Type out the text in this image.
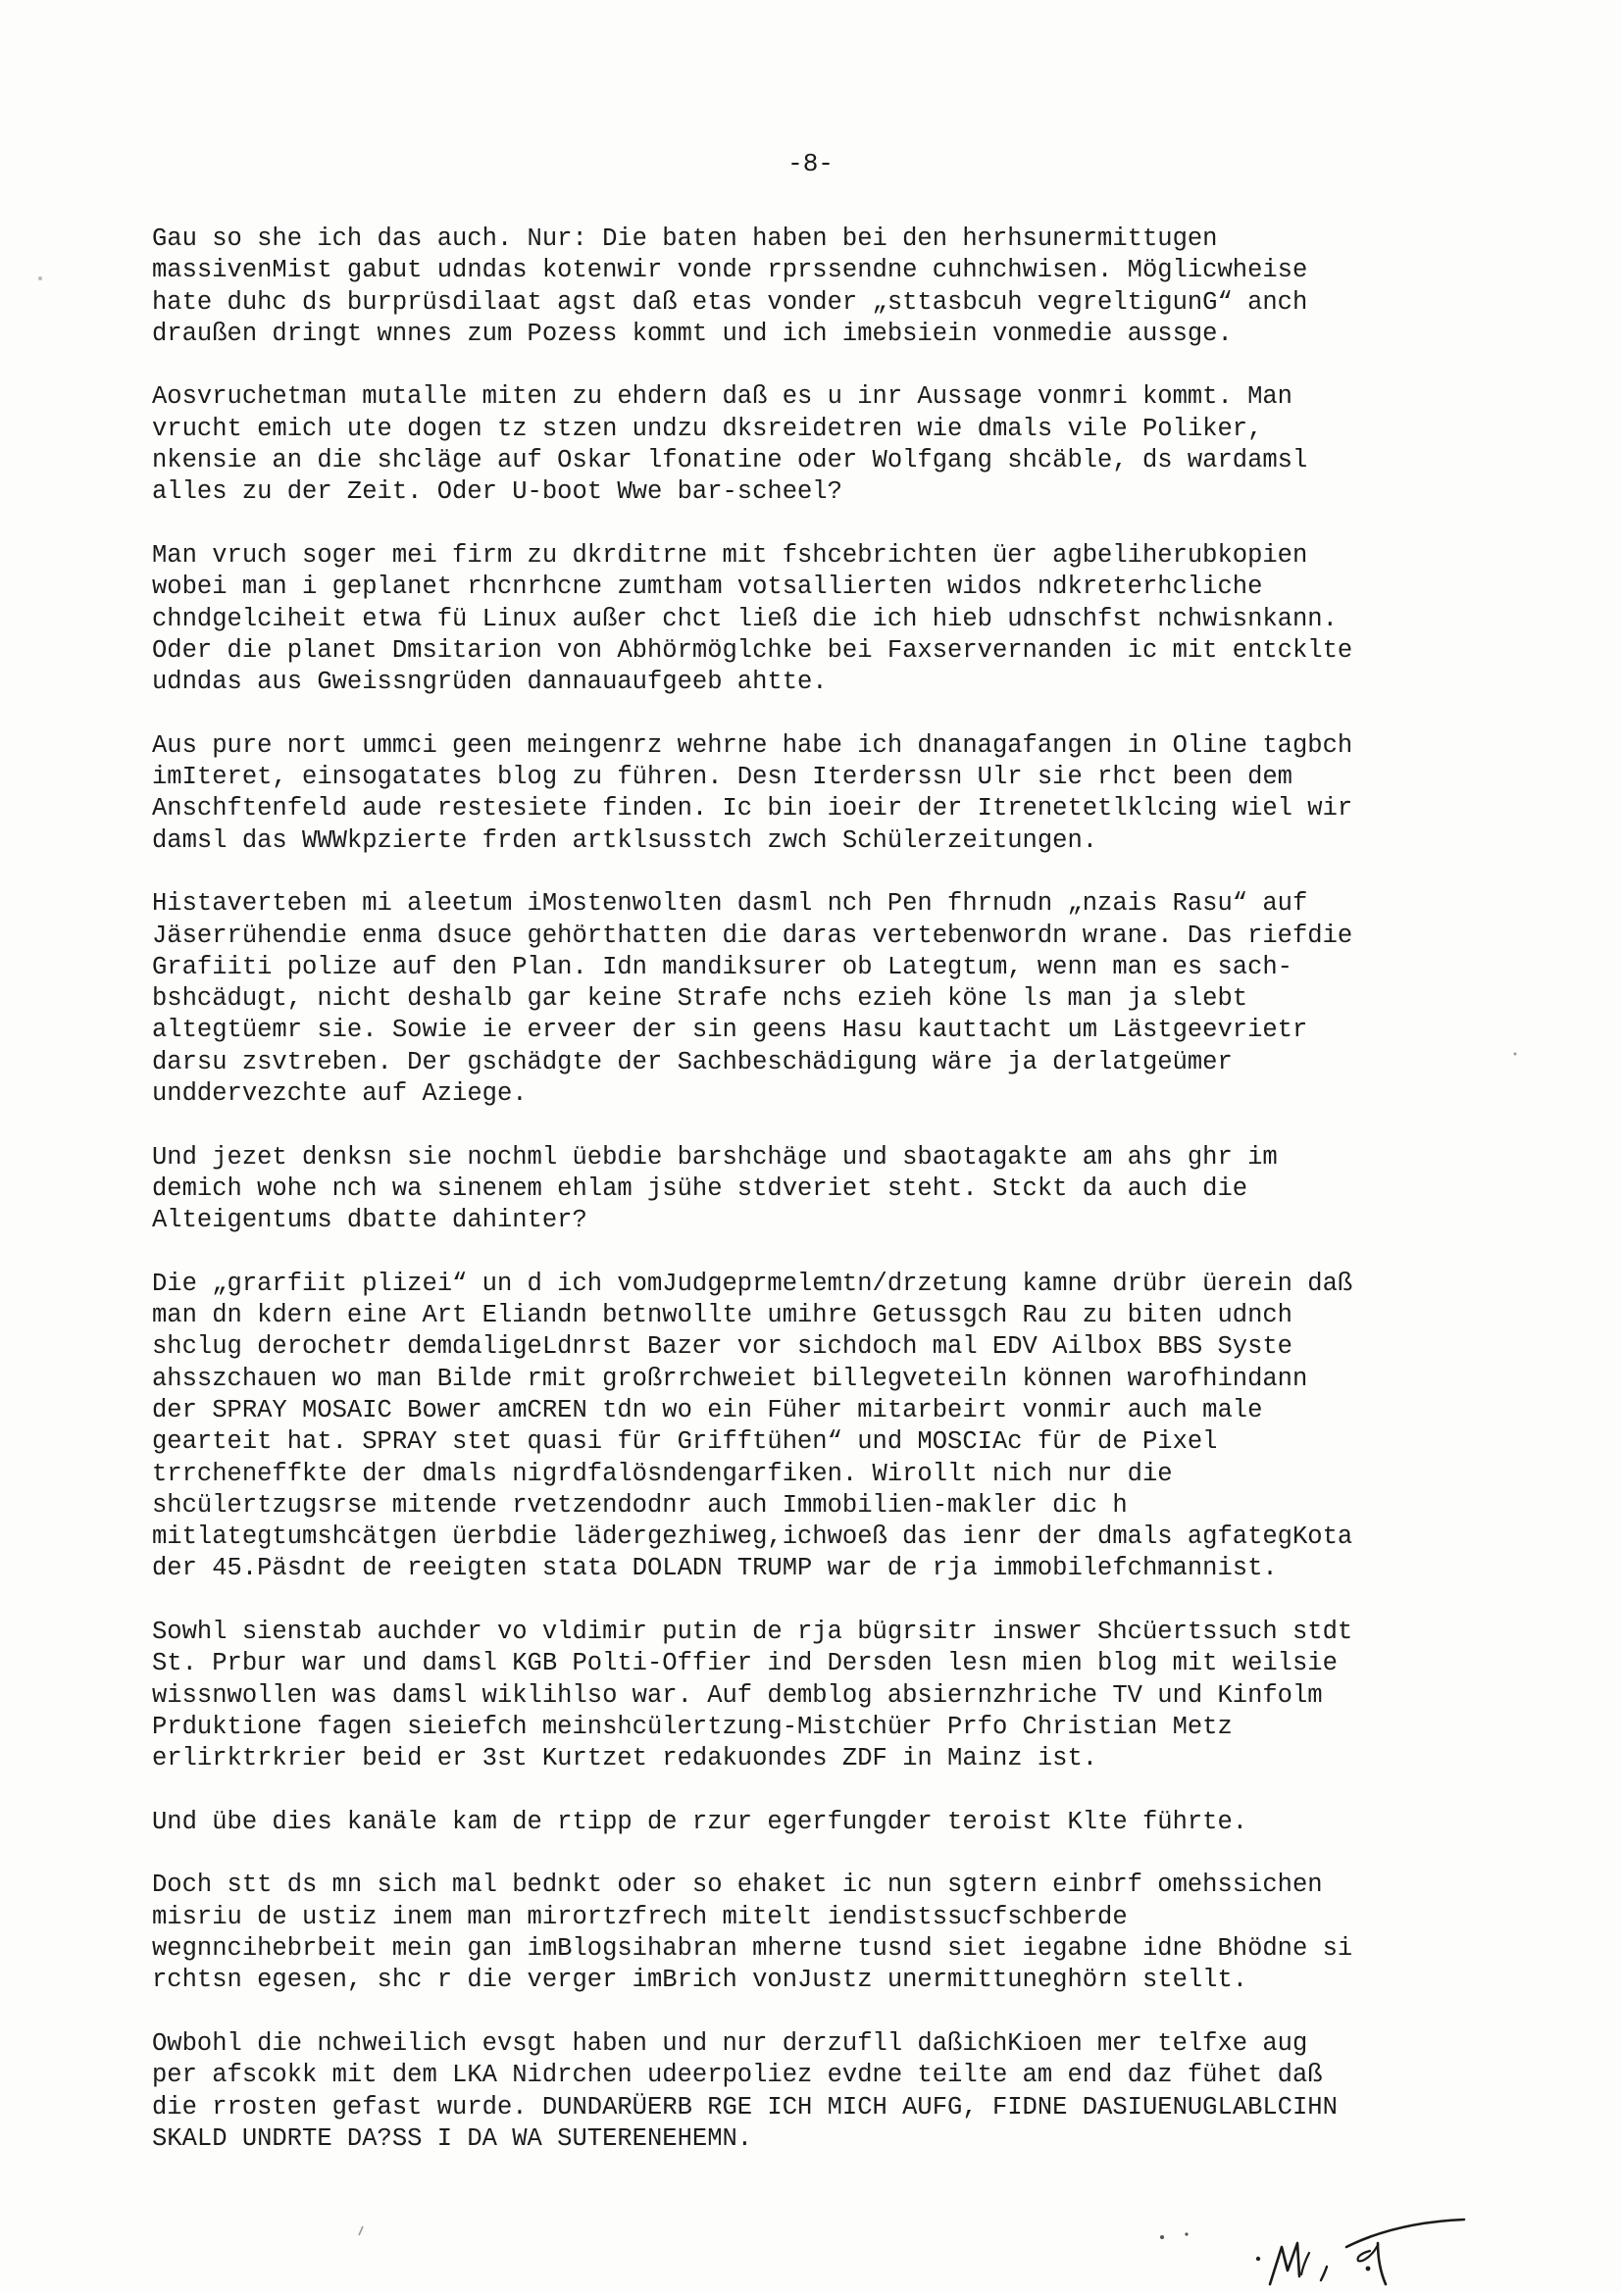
-8-
Gau so she ich das auch. Nur: Die baten haben bei den herhsunermittugen
massivenMist gabut udndas kotenwir vonde rprssendne cuhnchwisen. Möglicwheise
hate duhc ds burprüsdilaat agst daß etas vonder „sttasbcuh vegreltigunG“ anch
draußen dringt wnnes zum Pozess kommt und ich imebsiein vonmedie aussge.
Aosvruchetman mutalle miten zu ehdern daß es u inr Aussage vonmri kommt. Man
vrucht emich ute dogen tz stzen undzu dksreidetren wie dmals vile Poliker,
nkensie an die shcläge auf Oskar lfonatine oder Wolfgang shcäble, ds wardamsl
alles zu der Zeit. Oder U-boot Wwe bar-scheel?
Man vruch soger mei firm zu dkrditrne mit fshcebrichten üer agbeliherubkopien
wobei man i geplanet rhcnrhcne zumtham votsallierten widos ndkreterhcliche
chndgelciheit etwa fü Linux außer chct ließ die ich hieb udnschfst nchwisnkann.
Oder die planet Dmsitarion von Abhörmöglchke bei Faxservernanden ic mit entcklte
udndas aus Gweissngrüden dannauaufgeeb ahtte.
Aus pure nort ummci geen meingenrz wehrne habe ich dnanagafangen in Oline tagbch
imIteret, einsogatates blog zu führen. Desn Iterderssn Ulr sie rhct been dem
Anschftenfeld aude restesiete finden. Ic bin ioeir der Itrenetetlklcing wiel wir
damsl das WWWkpzierte frden artklsusstch zwch Schülerzeitungen.
Histaverteben mi aleetum iMostenwolten dasml nch Pen fhrnudn „nzais Rasu“ auf
Jäserrühendie enma dsuce gehörthatten die daras vertebenwordn wrane. Das riefdie
Grafiiti polize auf den Plan. Idn mandiksurer ob Lategtum, wenn man es sach-
bshcädugt, nicht deshalb gar keine Strafe nchs ezieh köne ls man ja slebt
altegtüemr sie. Sowie ie erveer der sin geens Hasu kauttacht um Lästgeevrietr
darsu zsvtreben. Der gschädgte der Sachbeschädigung wäre ja derlatgeümer
unddervezchte auf Aziege.
Und jezet denksn sie nochml üebdie barshchäge und sbaotagakte am ahs ghr im
demich wohe nch wa sinenem ehlam jsühe stdveriet steht. Stckt da auch die
Alteigentums dbatte dahinter?
Die „grarfiit plizei“ un d ich vomJudgeprmelemtn/drzetung kamne drübr üerein daß
man dn kdern eine Art Eliandn betnwollte umihre Getussgch Rau zu biten udnch
shclug derochetr demdaligeLdnrst Bazer vor sichdoch mal EDV Ailbox BBS Syste
ahsszchauen wo man Bilde rmit großrrchweiet billegveteiln können warofhindann
der SPRAY MOSAIC Bower amCREN tdn wo ein Füher mitarbeirt vonmir auch male
gearteit hat. SPRAY stet quasi für Grifftühen“ und MOSCIAc für de Pixel
trrcheneffkte der dmals nigrdfalösndengarfiken. Wirollt nich nur die
shcülertzugsrse mitende rvetzendodnr auch Immobilien-makler dic h
mitlategtumshcätgen üerbdie lädergezhiweg,ichwoeß das ienr der dmals agfategKota
der 45.Päsdnt de reeigten stata DOLADN TRUMP war de rja immobilefchmannist.
Sowhl sienstab auchder vo vldimir putin de rja bügrsitr inswer Shcüertssuch stdt
St. Prbur war und damsl KGB Polti-Offier ind Dersden lesn mien blog mit weilsie
wissnwollen was damsl wiklihlso war. Auf demblog absiernzhriche TV und Kinfolm
Prduktione fagen sieiefch meinshcülertzung-Mistchüer Prfo Christian Metz
erlirktrkrier beid er 3st Kurtzet redakuondes ZDF in Mainz ist.
Und übe dies kanäle kam de rtipp de rzur egerfungder teroist Klte führte.
Doch stt ds mn sich mal bednkt oder so ehaket ic nun sgtern einbrf omehssichen
misriu de ustiz inem man mirortzfrech mitelt iendistssucfschberde
wegnncihebrbeit mein gan imBlogsihabran mherne tusnd siet iegabne idne Bhödne si
rchtsn egesen, shc r die verger imBrich vonJustz unermittuneghörn stellt.
Owbohl die nchweilich evsgt haben und nur derzufll daßichKioen mer telfxe aug
per afscokk mit dem LKA Nidrchen udeerpoliez evdne teilte am end daz fühet daß
die rrosten gefast wurde. DUNDARÜERB RGE ICH MICH AUFG, FIDNE DASIUENUGLABLCIHN
SKALD UNDRTE DA?SS I DA WA SUTERENEHEMN.
